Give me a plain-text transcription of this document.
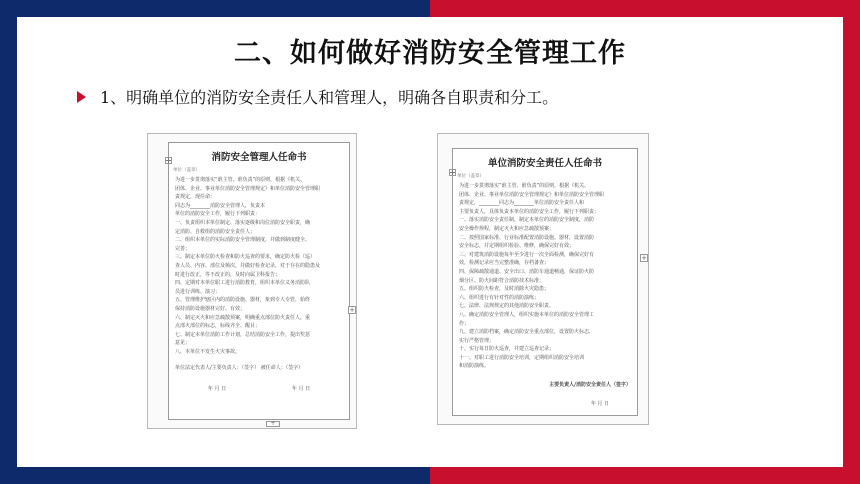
二、如何做好消防安全管理工作
1、明确单位的消防安全责任人和管理人，明确各自职责和分工。
消防安全管理人任命书
单位（盖章）
为进一步贯彻落实“谁主管、谁负责”的原则，根据《机关、
团体、企业、事业单位消防安全管理规定》和单位消防安全管理职
责规定，现任命：
同志为________消防安全管理人，负责本
单位的消防安全工作，履行下列职责：
一、负责组织本单位制定、落实逐级和岗位消防安全职责，确
定消防、自救组的消防安全责任人；
二、组织本单位的实际消防安全管理制度，并做到制度健全、
完善；
三、制定本单位防火检查和防火巡查的要求，确定防火检（巡）
查人员、内容、部位及频次，并做好检查记录，对于存在的隐患及
时进行改正，等不改正的，及时向属卫科报告；
四、定期对本单位职工进行消防教育，组织本单位义务消防队
员进行训练、演习；
五、管理维护辖区内的消防设施、器材，象到专人专管，始终
保持消防设施器材完好、有效；
六、制定灭火和应急疏散预案，明确重点部位防火责任人，重
点部火部位的标志，标线齐全、醒目；
七、制定本单位消防工作计划，总结消防安全工作，提出奖惩
意见；
八、本单位不发生火灾事故。
单位法定代表人/主要负责人：（签字） 被任命人：（签字）
年 月 日	年 月 日
+
+
单位消防安全责任人任命书
单位（盖章）
为进一步贯彻落实“谁主管、谁负责”的原则，根据《机关、
团体、企业、事业单位消防安全管理规定》和单位消防安全管理职
责规定，________同志为________单位消防安全责任人和
主要负责人，具体负责本单位的消防安全工作，履行下列职责：
一、落实消防安全责任制，制定本单位的消防安全制度，消防
安全操作规程，制定灭火和应急疏散预案；
二、按照国家标准、行业标准配置消防设施、器材，设置消防
安全标志，并定期组织检验、维修，确保完好有效；
三、对建筑消防设施每年至少进行一次全面检测，确保完好有
效，检测记录应当完整准确，存档备查；
四、保障疏散通道、安全出口、消防车通道畅通，保证防火防
烟分区、防火间距符合消防技术标准；
五、组织防火检查，及时消除火灾隐患；
六、组织进行有针对性的消防演练；
七、法律、法规规定的其他消防安全职责。
八、确定消防安全管理人，组织实施本单位的消防安全管理工
作；
九、建立消防档案，确定消防安全重点部位，设置防火标志，
实行严格管理；
十、实行每日防火巡查，并建立巡查记录；
十一、对职工进行消防安全培训，定期组织消防安全培训
和消防演练。
主要负责人/消防安全责任人（签字）
年 月 日
+
